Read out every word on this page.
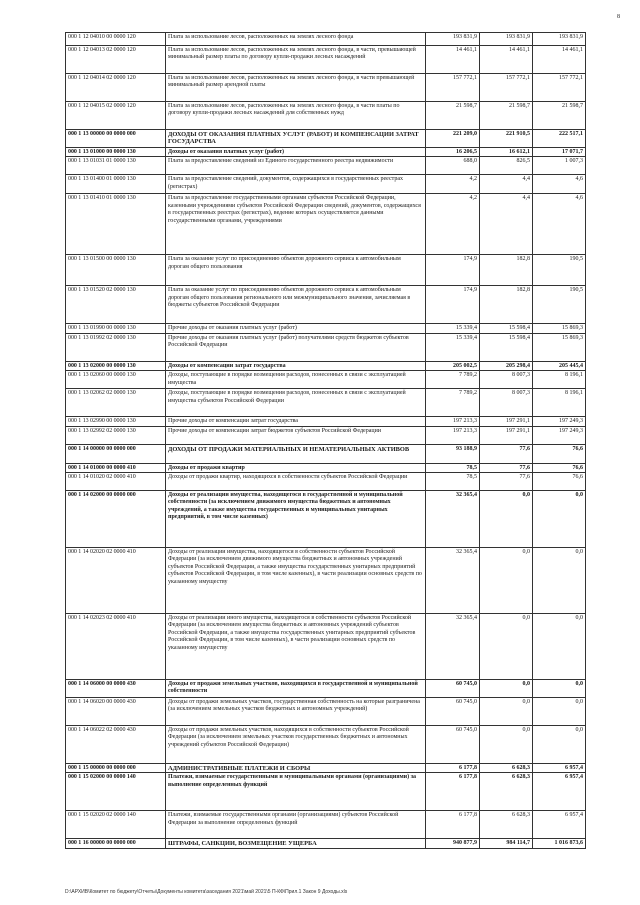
8
000 1 12 04010 00 0000 120	Плата за использование лесов, расположенных на землях лесного фонда	193 831,9	193 831,9	193 831,9
000 1 12 04013 02 0000 120	Плата за использование лесов, расположенных на землях лесного фонда, в части, превышающей минимальный размер платы по договору купли-продажи лесных насаждений	14 461,1	14 461,1	14 461,1
000 1 12 04014 02 0000 120	Плата за использование лесов, расположенных на землях лесного фонда, в части превышающей минимальный размер арендной платы	157 772,1	157 772,1	157 772,1
000 1 12 04015 02 0000 120	Плата за использование лесов, расположенных на землях лесного фонда, в части платы по договору купли-продажи лесных насаждений для собственных нужд	21 598,7	21 598,7	21 598,7
000 1 13 00000 00 0000 000	ДОХОДЫ ОТ ОКАЗАНИЯ ПЛАТНЫХ УСЛУГ (РАБОТ) И КОМПЕНСАЦИИ ЗАТРАТ ГОСУДАРСТВА	221 209,0	221 910,5	222 517,1
000 1 13 01000 00 0000 130	Доходы от оказания платных услуг (работ)	16 206,5	16 612,1	17 071,7
000 1 13 01031 01 0000 130	Плата за предоставление сведений из Единого государственного реестра недвижимости	688,0	826,5	1 007,3
000 1 13 01400 01 0000 130	Плата за предоставление сведений, документов, содержащихся в государственных реестрах (регистрах)	4,2	4,4	4,6
000 1 13 01410 01 0000 130	Плата за предоставление государственными органами субъектов Российской Федерации, казенными учреждениями субъектов Российской Федерации сведений, документов, содержащихся в государственных реестрах (регистрах), ведение которых осуществляется данными государственными органами, учреждениями	4,2	4,4	4,6
000 1 13 01500 00 0000 130	Плата за оказание услуг по присоединению объектов дорожного сервиса к автомобильным дорогам общего пользования	174,9	182,8	190,5
000 1 13 01520 02 0000 130	Плата за оказание услуг по присоединению объектов дорожного сервиса к автомобильным дорогам общего пользования регионального или межмуниципального значения, зачисляемая в бюджеты субъектов Российской Федерации	174,9	182,8	190,5
000 1 13 01990 00 0000 130	Прочие доходы от оказания платных услуг (работ)	15 339,4	15 598,4	15 869,3
000 1 13 01992 02 0000 130	Прочие доходы от оказания платных услуг (работ) получателями средств бюджетов субъектов Российской Федерации	15 339,4	15 598,4	15 869,3
000 1 13 02000 00 0000 130	Доходы от компенсации затрат государства	205 002,5	205 298,4	205 445,4
000 1 13 02060 00 0000 130	Доходы, поступающие в порядке возмещения расходов, понесенных в связи с эксплуатацией имущества	7 789,2	8 007,3	8 196,1
000 1 13 02062 02 0000 130	Доходы, поступающие в порядке возмещения расходов, понесенных в связи с эксплуатацией имущества субъектов Российской Федерации	7 789,2	8 007,3	8 196,1
000 1 13 02990 00 0000 130	Прочие доходы от компенсации затрат государства	197 213,3	197 291,1	197 249,3
000 1 13 02992 02 0000 130	Прочие доходы от компенсации затрат бюджетов субъектов Российской Федерации	197 213,3	197 291,1	197 249,3
000 1 14 00000 00 0000 000	ДОХОДЫ ОТ ПРОДАЖИ МАТЕРИАЛЬНЫХ И НЕМАТЕРИАЛЬНЫХ АКТИВОВ	93 188,9	77,6	76,6
000 1 14 01000 00 0000 410	Доходы от продажи квартир	78,5	77,6	76,6
000 1 14 01020 02 0000 410	Доходы от продажи квартир, находящихся в собственности субъектов Российской Федерации	78,5	77,6	76,6
000 1 14 02000 00 0000 000	Доходы от реализации имущества, находящегося в государственной и муниципальной собственности (за исключением движимого имущества бюджетных и автономных учреждений, а также имущества государственных и муниципальных унитарных предприятий, в том числе казенных)	32 365,4	0,0	0,0
000 1 14 02020 02 0000 410	Доходы от реализации имущества, находящегося в собственности субъектов Российской Федерации (за исключением движимого имущества бюджетных и автономных учреждений субъектов Российской Федерации, а также имущества государственных унитарных предприятий субъектов Российской Федерации, в том числе казенных), в части реализации основных средств по указанному имуществу	32 365,4	0,0	0,0
000 1 14 02023 02 0000 410	Доходы от реализации иного имущества, находящегося в собственности субъектов Российской Федерации (за исключением имущества бюджетных и автономных учреждений субъектов Российской Федерации, а также имущества государственных унитарных предприятий субъектов Российской Федерации, в том числе казенных), в части реализации основных средств по указанному имуществу	32 365,4	0,0	0,0
000 1 14 06000 00 0000 430	Доходы от продажи земельных участков, находящихся в государственной и муниципальной собственности	60 745,0	0,0	0,0
000 1 14 06020 00 0000 430	Доходы от продажи земельных участков, государственная собственность на которые разграничена (за исключением земельных участков бюджетных и автономных учреждений)	60 745,0	0,0	0,0
000 1 14 06022 02 0000 430	Доходы от продажи земельных участков, находящихся в собственности субъектов Российской Федерации (за исключением земельных участков государственных бюджетных и автономных учреждений субъектов Российской Федерации)	60 745,0	0,0	0,0
000 1 15 00000 00 0000 000	АДМИНИСТРАТИВНЫЕ ПЛАТЕЖИ И СБОРЫ	6 177,8	6 628,3	6 957,4
000 1 15 02000 00 0000 140	Платежи, взимаемые государственными и муниципальными органами (организациями) за выполнение определенных функций	6 177,8	6 628,3	6 957,4
000 1 15 02020 02 0000 140	Платежи, взимаемые государственными органами (организациями) субъектов Российской Федерации за выполнение определенных функций	6 177,8	6 628,3	6 957,4
000 1 16 00000 00 0000 000	ШТРАФЫ, САНКЦИИ, ВОЗМЕЩЕНИЕ УЩЕРБА	940 877,9	984 114,7	1 016 873,6
D:\АРХИВ\Комитет по бюджету\Отчеты\Документы комитета\заседания 2021\май 2021\5 П-КФ\Прил.1 Закон 9 Доходы.xls
